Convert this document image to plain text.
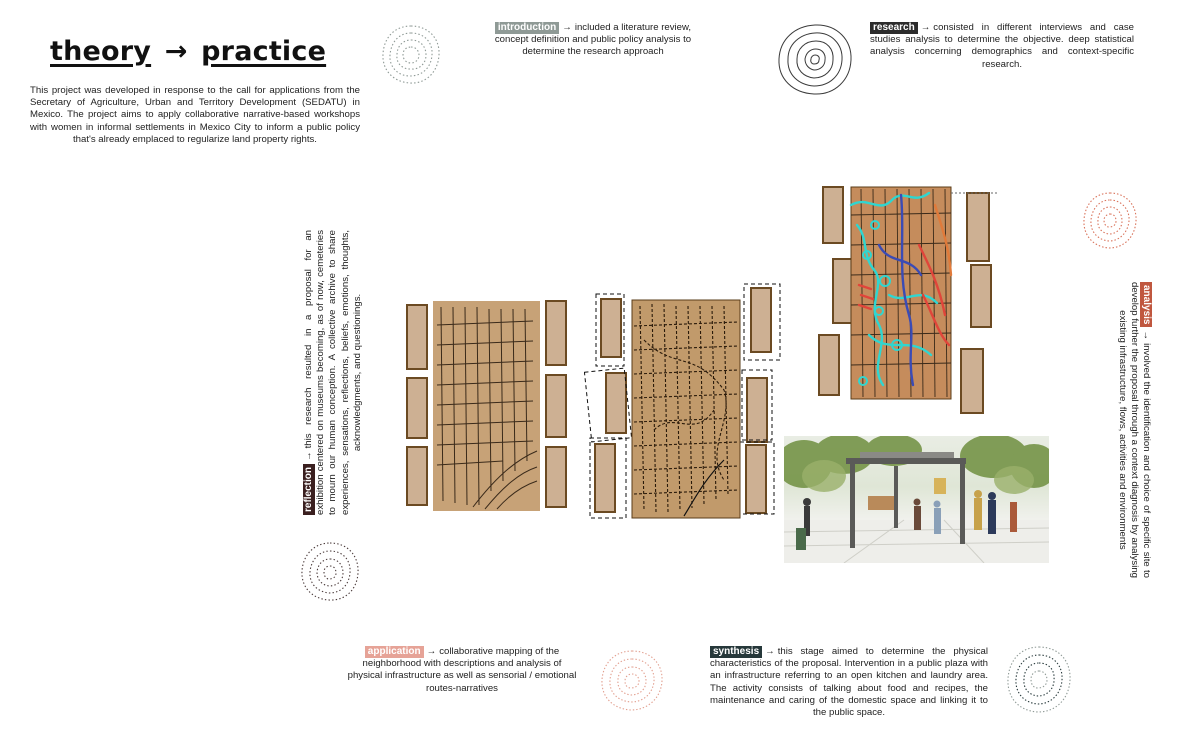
theory → practice
This project was developed in response to the call for applications from the Secretary of Agriculture, Urban and Territory Development (SEDATU) in Mexico. The project aims to apply collaborative narrative-based workshops with women in informal settlements in Mexico City to inform a public policy that's already emplaced to regularize land property rights.
introduction → included a literature review, concept definition and public policy analysis to determine the research approach
research → consisted in different interviews and case studies analysis to determine the objective. deep statistical analysis concerning demographics and context-specific research.
analysis→involved the identification and choice of specific site to develop further the proposal through a context diagnosis by analysing existing infrastructure, flows, activities and environments
reflection→this research resulted in a proposal for an exhibition centered on museums becoming, as of now, cemeteries to mourn our human conception. A collective archive to share experiences, sensations, reflections, beliefs, emotions, thoughts, acknowledgments, and questionings.
application → collaborative mapping of the neighborhood with descriptions and analysis of physical infrastructure as well as sensorial / emotional routes-narratives
synthesis → this stage aimed to determine the physical characteristics of the proposal. Intervention in a public plaza with an infrastructure referring to an open kitchen and laundry area. The activity consists of talking about food and recipes, the maintenance and caring of the domestic space and linking it to the public space.
